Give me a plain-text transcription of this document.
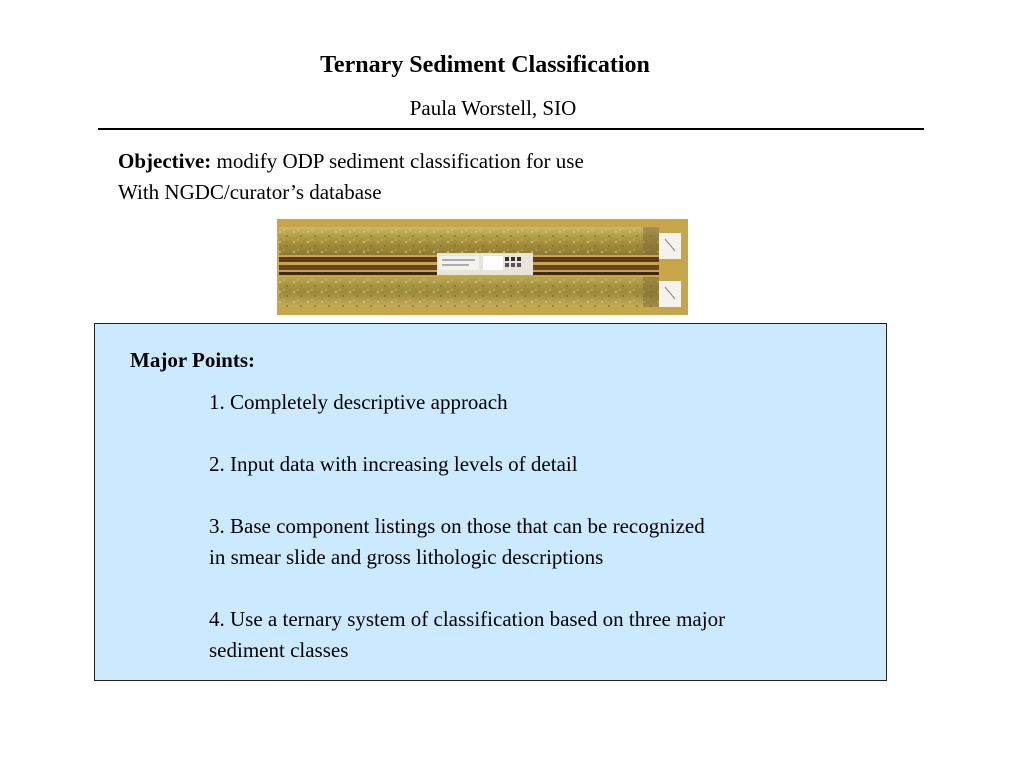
Ternary Sediment Classification
Paula Worstell, SIO
Objective: modify ODP sediment classification for use
With NGDC/curator’s database
Major Points:
1. Completely descriptive approach
2. Input data with increasing levels of detail
3. Base component listings on those that can be recognized
in smear slide and gross lithologic descriptions
4. Use a ternary system of classification based on three major
sediment classes
